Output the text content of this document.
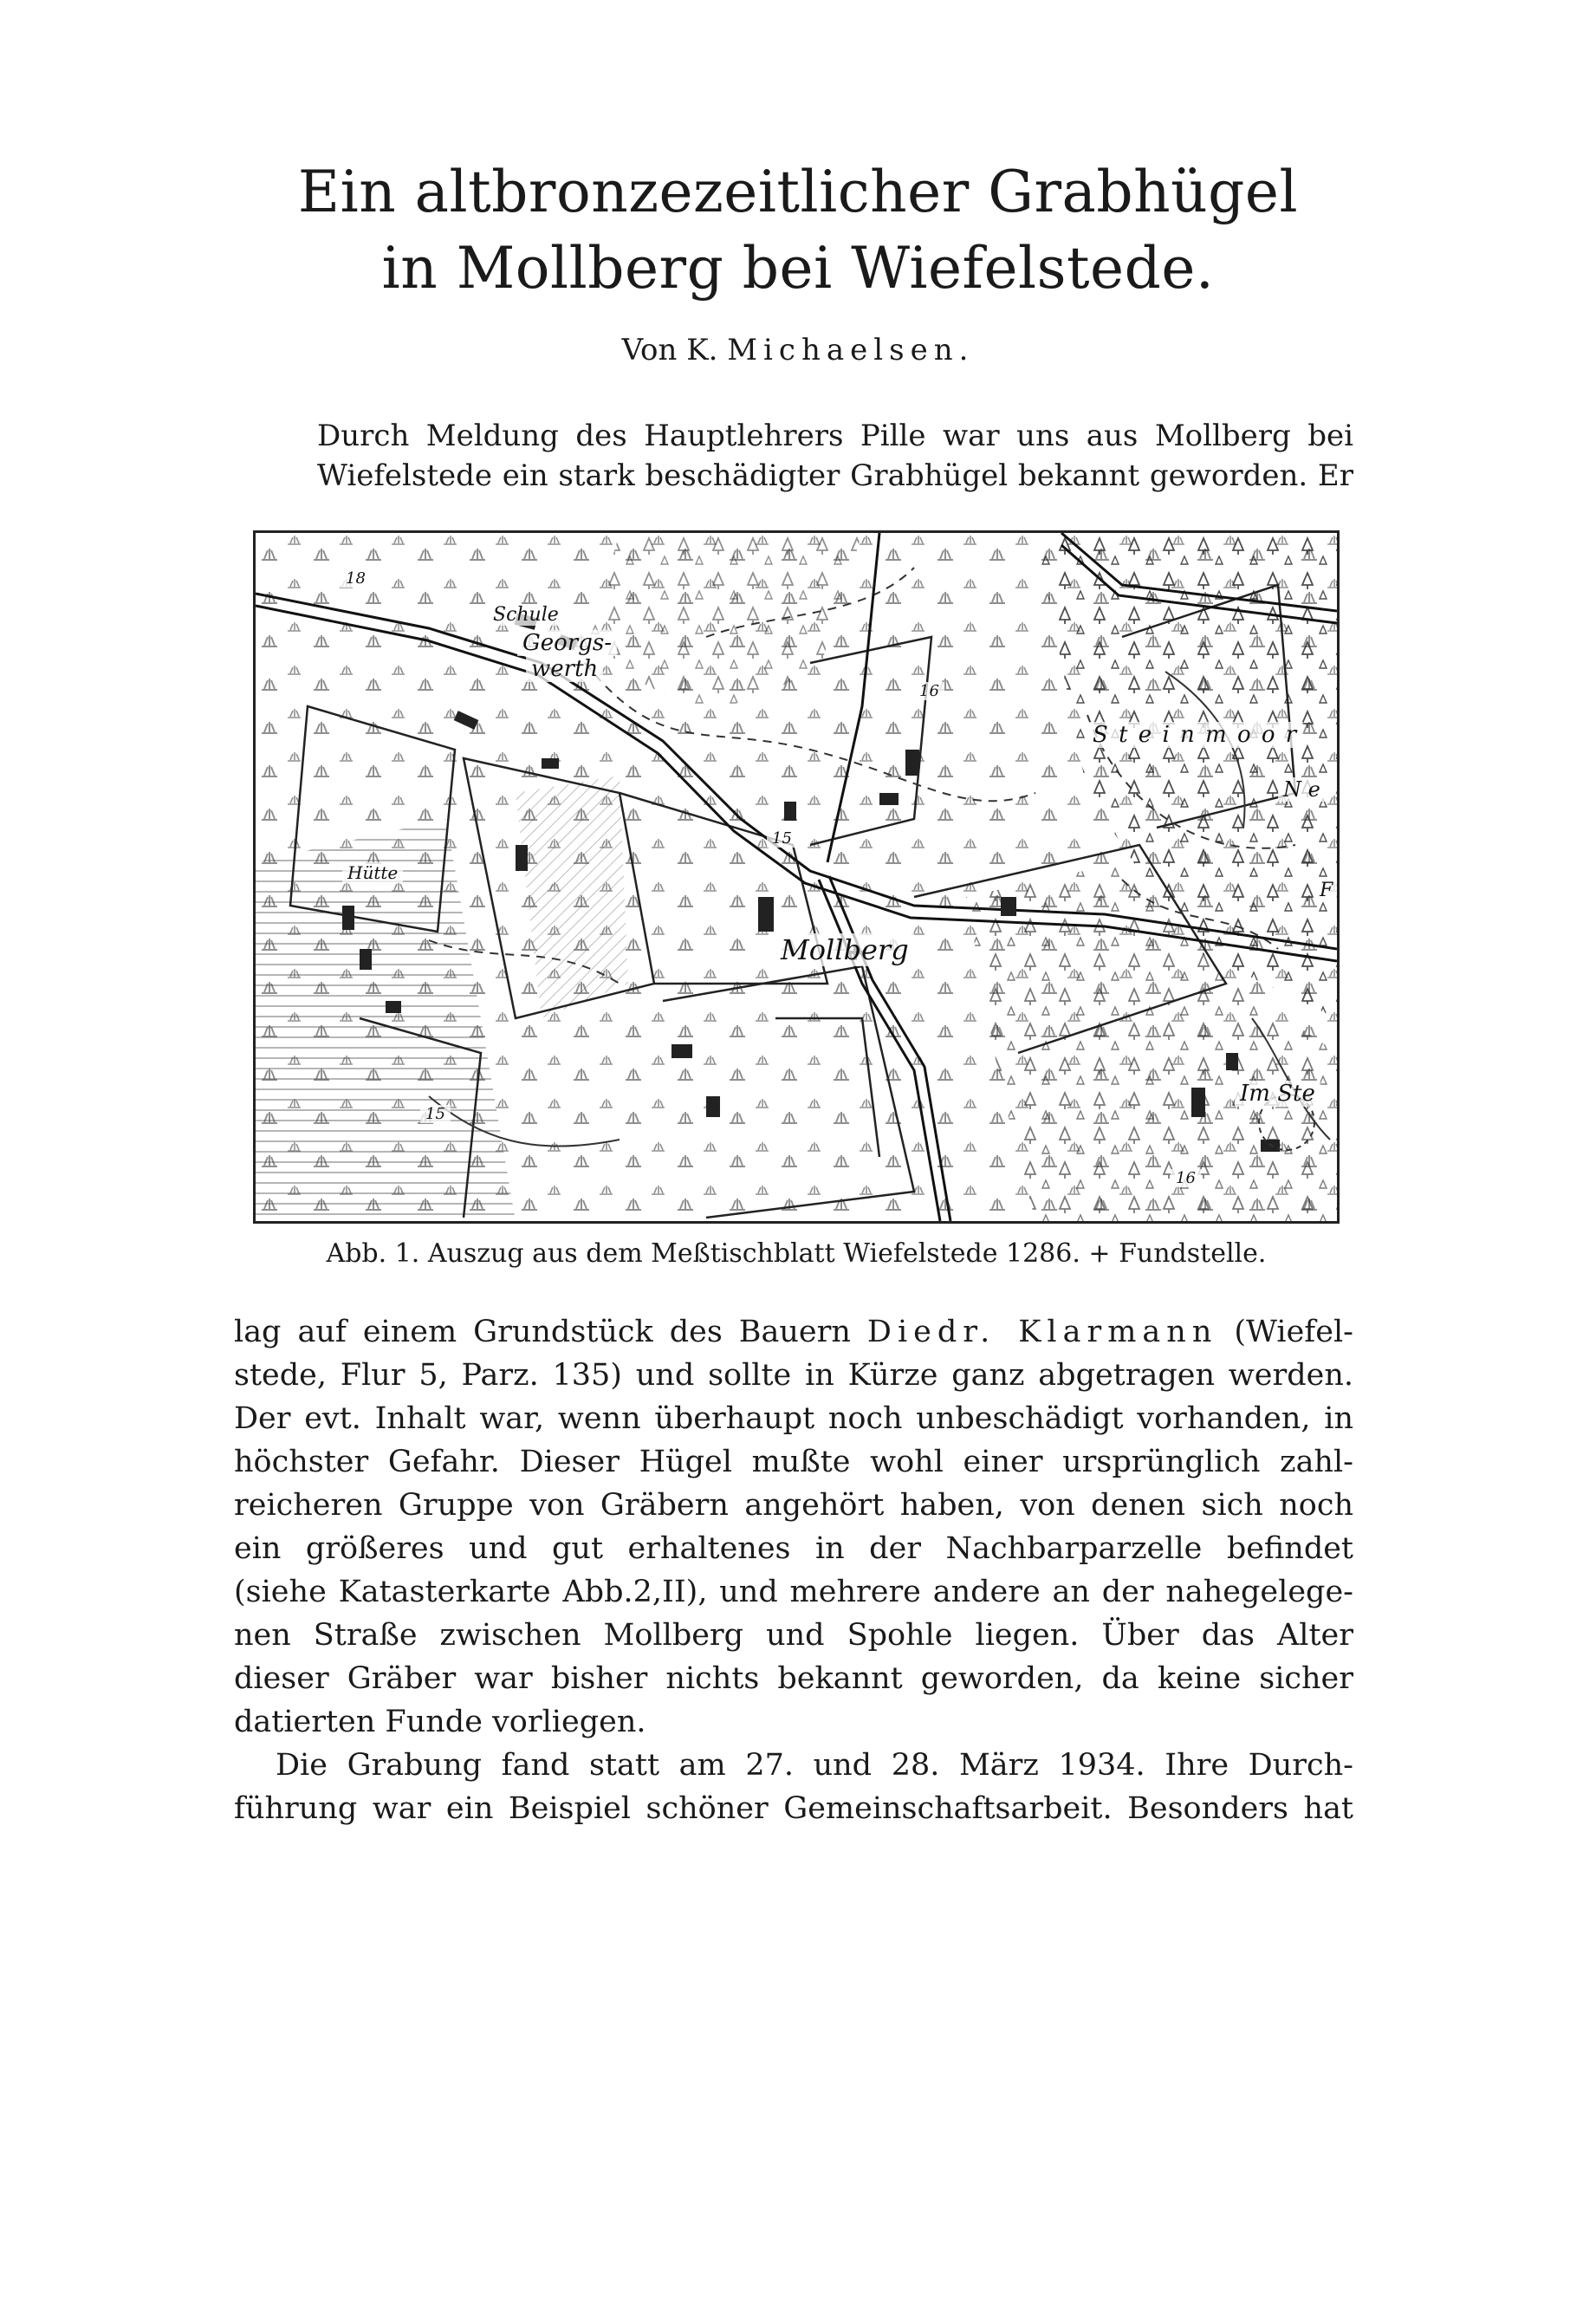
Ein altbronzezeitlicher Grabhügel
in Mollberg bei Wiefelstede.
Von K. Michaelsen.

Durch Meldung des Hauptlehrers Pille war uns aus Mollberg bei
Wiefelstede ein stark beschädigter Grabhügel bekannt geworden. Er

Schule
Georgs-
werth
S t e i n m o o r
N e
F
Hütte
Mollberg
Im Ste
18
16
15
15
16
Abb. 1. Auszug aus dem Meßtischblatt Wiefelstede 1286. + Fundstelle.

lag auf einem Grundstück des Bauern Diedr. Klarmann (Wiefel-
stede, Flur 5, Parz. 135) und sollte in Kürze ganz abgetragen werden.
Der evt. Inhalt war, wenn überhaupt noch unbeschädigt vorhanden, in
höchster Gefahr. Dieser Hügel mußte wohl einer ursprünglich zahl-
reicheren Gruppe von Gräbern angehört haben, von denen sich noch
ein größeres und gut erhaltenes in der Nachbarparzelle befindet
(siehe Katasterkarte Abb.2,II), und mehrere andere an der nahegelege-
nen Straße zwischen Mollberg und Spohle liegen. Über das Alter
dieser Gräber war bisher nichts bekannt geworden, da keine sicher
datierten Funde vorliegen.

Die Grabung fand statt am 27. und 28. März 1934. Ihre Durch-
führung war ein Beispiel schöner Gemeinschaftsarbeit. Besonders hat
